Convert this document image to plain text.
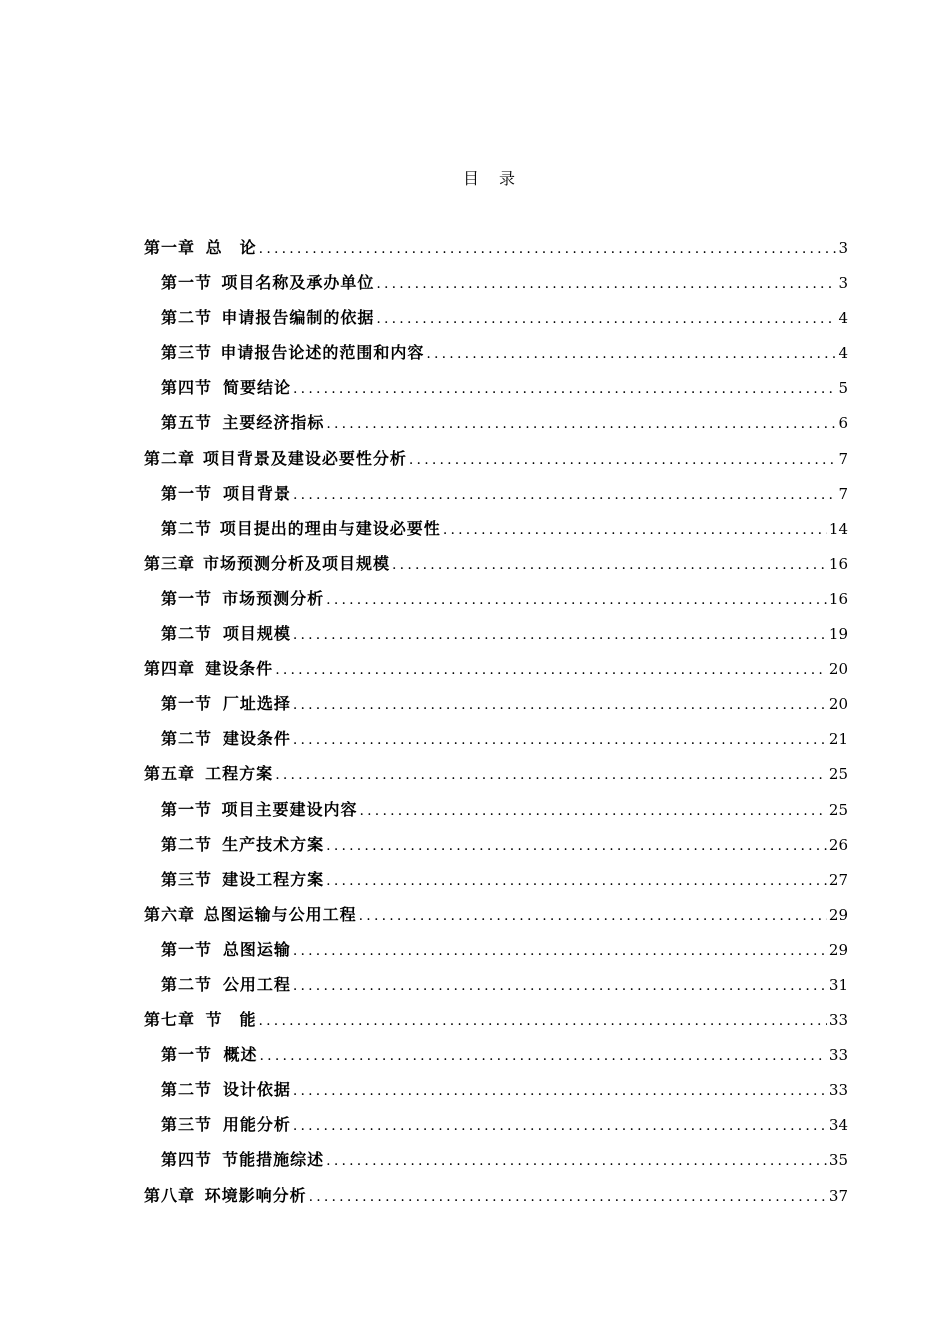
目　录
第一章 总　论 .....	3
第一节 项目名称及承办单位 .....	3
第二节 申请报告编制的依据 .....	4
第三节 申请报告论述的范围和内容 .....	4
第四节 简要结论 .....	5
第五节 主要经济指标 .....	6
第二章 项目背景及建设必要性分析 .....	7
第一节 项目背景 .....	7
第二节 项目提出的理由与建设必要性 .....	14
第三章 市场预测分析及项目规模 .....	16
第一节 市场预测分析 .....	16
第二节 项目规模 .....	19
第四章 建设条件 .....	20
第一节 厂址选择 .....	20
第二节 建设条件 .....	21
第五章 工程方案 .....	25
第一节 项目主要建设内容 .....	25
第二节 生产技术方案 .....	26
第三节 建设工程方案 .....	27
第六章 总图运输与公用工程 .....	29
第一节 总图运输 .....	29
第二节 公用工程 .....	31
第七章 节　能 .....	33
第一节 概述 .....	33
第二节 设计依据 .....	33
第三节 用能分析 .....	34
第四节 节能措施综述 .....	35
第八章 环境影响分析 .....	37
